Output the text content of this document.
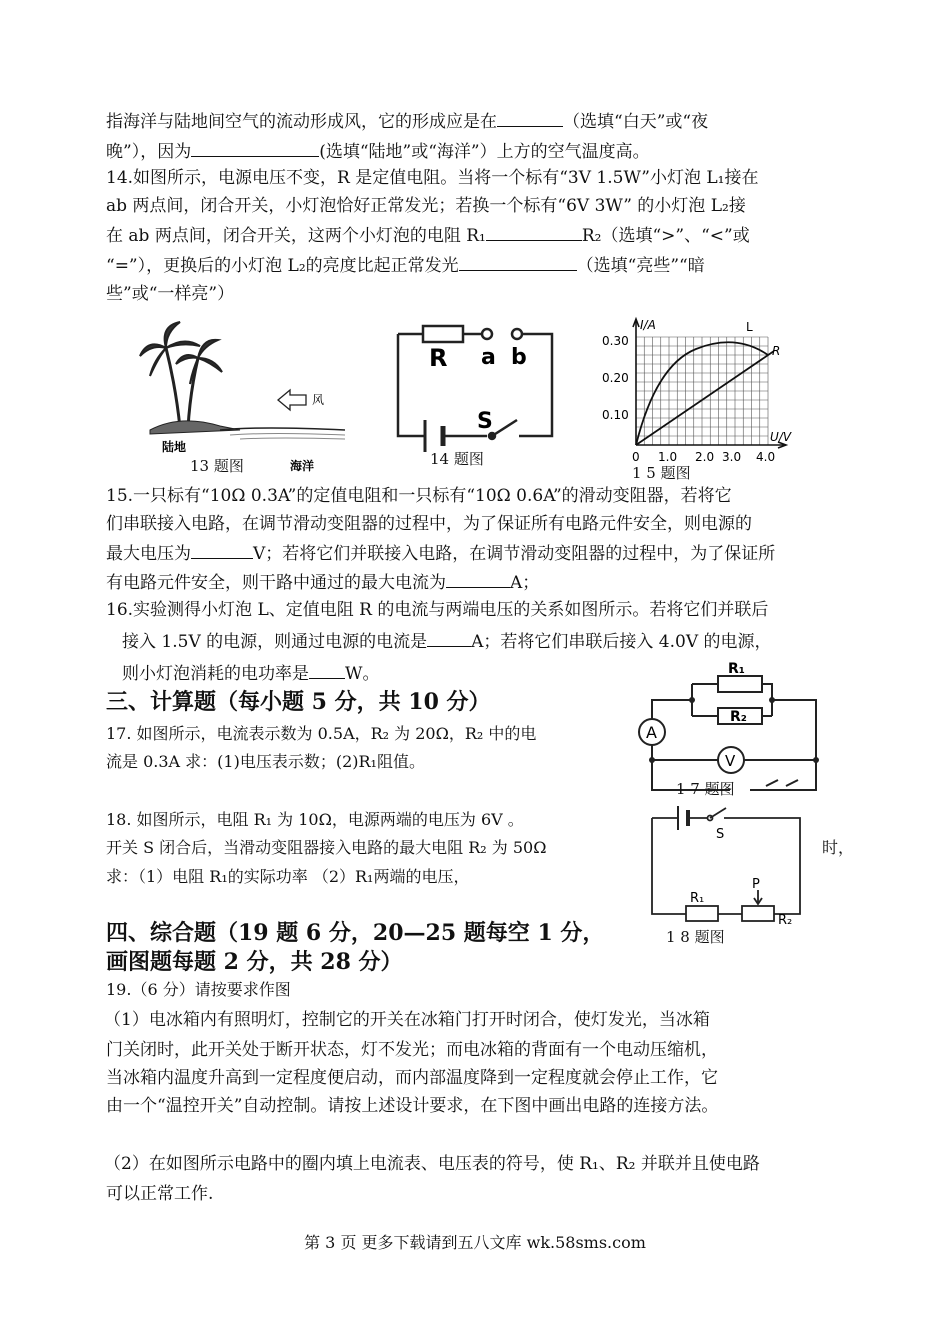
指海洋与陆地间空气的流动形成风，它的形成应是在	（选填“白天”或“夜
晚”），因为	(选填“陆地”或“海洋”）上方的空气温度高。
14.如图所示，电源电压不变，R 是定值电阻。当将一个标有“3V 1.5W”小灯泡 L₁接在
ab 两点间，闭合开关，小灯泡恰好正常发光；若换一个标有“6V 3W” 的小灯泡 L₂接
在 ab 两点间，闭合开关，这两个小灯泡的电阻 R₁	R₂（选填“>”、“<”或
“=”），更换后的小灯泡 L₂的亮度比起正常发光	（选填“亮些”“暗
些”或“一样亮”）
风
陆地
海洋
13 题图
R a b
S
14 题图
I/A
U/V
L
R
0.30
0.20
0.10
0 1.0 2.0 3.0 4.0
1 5 题图
15.一只标有“10Ω 0.3A”的定值电阻和一只标有“10Ω 0.6A”的滑动变阻器，若将它
们串联接入电路，在调节滑动变阻器的过程中，为了保证所有电路元件安全，则电源的
最大电压为	V；若将它们并联接入电路，在调节滑动变阻器的过程中，为了保证所
有电路元件安全，则干路中通过的最大电流为	A；
16.实验测得小灯泡 L、定值电阻 R 的电流与两端电压的关系如图所示。若将它们并联后
接入 1.5V 的电源，则通过电源的电流是	A；若将它们串联后接入 4.0V 的电源，
则小灯泡消耗的电功率是 W。
三、计算题（每小题 5 分，共 10 分）
17. 如图所示，电流表示数为 0.5A，R₂ 为 20Ω，R₂ 中的电
流是 0.3A 求：(1)电压表示数；(2)R₁阻值。
A
V
R₁
R₂
1 7 题图
18. 如图所示，电阻 R₁ 为 10Ω，电源两端的电压为 6V 。
开关 S 闭合后，当滑动变阻器接入电路的最大电阻 R₂ 为 50Ω	时，
求：（1）电阻 R₁的实际功率 （2）R₁两端的电压，
S
P
R₁
R₂
四、综合题（19 题 6 分，20—25 题每空 1 分，	1 8 题图
画图题每题 2 分，共 28 分）
19.（6 分）请按要求作图
（1）电冰箱内有照明灯，控制它的开关在冰箱门打开时闭合，使灯发光，当冰箱
门关闭时，此开关处于断开状态，灯不发光；而电冰箱的背面有一个电动压缩机，
当冰箱内温度升高到一定程度便启动，而内部温度降到一定程度就会停止工作，它
由一个“温控开关”自动控制。请按上述设计要求，在下图中画出电路的连接方法。
（2）在如图所示电路中的圈内填上电流表、电压表的符号，使 R₁、R₂ 并联并且使电路
可以正常工作.
第 3 页 更多下载请到五八文库 wk.58sms.com
